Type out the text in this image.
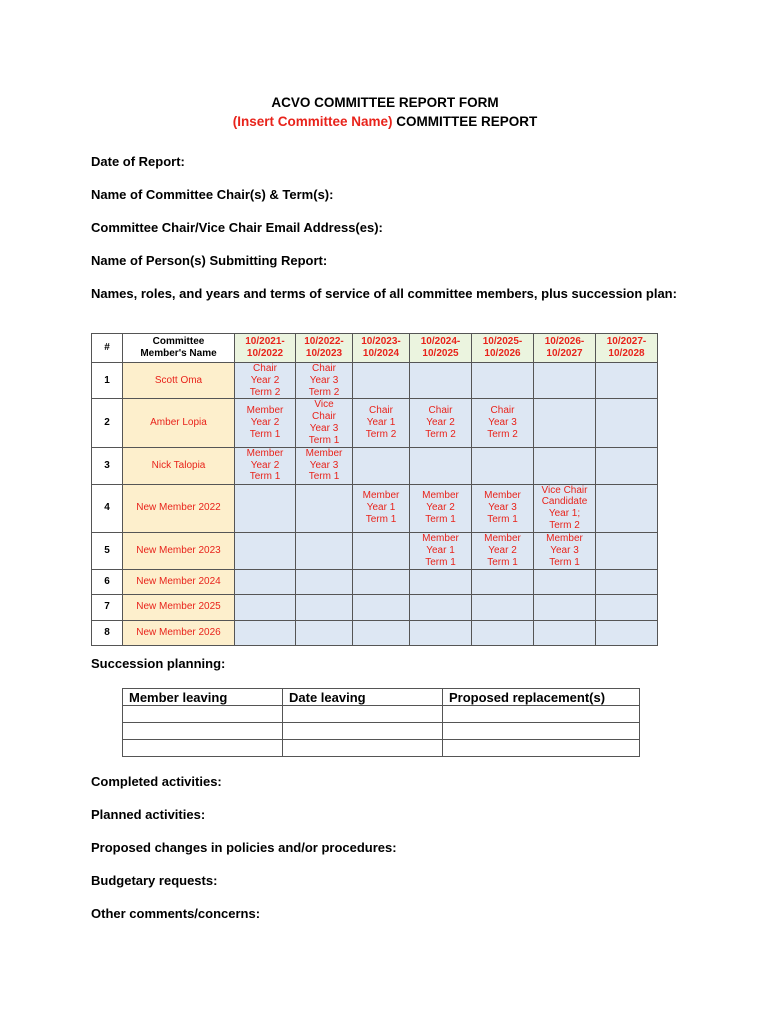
ACVO COMMITTEE REPORT FORM
(Insert Committee Name) COMMITTEE REPORT
Date of Report:
Name of Committee Chair(s) & Term(s):
Committee Chair/Vice Chair Email Address(es):
Name of Person(s) Submitting Report:
Names, roles, and years and terms of service of all committee members, plus succession plan:
#	Committee Member's Name	10/2021-10/2022	10/2022-10/2023	10/2023-10/2024	10/2024-10/2025	10/2025-10/2026	10/2026-10/2027	10/2027-10/2028
1	Scott Oma	Chair Year 2 Term 2	Chair Year 3 Term 2					
2	Amber Lopia	Member Year 2 Term 1	Vice Chair Year 3 Term 1	Chair Year 1 Term 2	Chair Year 2 Term 2	Chair Year 3 Term 2		
3	Nick Talopia	Member Year 2 Term 1	Member Year 3 Term 1					
4	New Member 2022			Member Year 1 Term 1	Member Year 2 Term 1	Member Year 3 Term 1	Vice Chair Candidate Year 1; Term 2	
5	New Member 2023				Member Year 1 Term 1	Member Year 2 Term 1	Member Year 3 Term 1	
6	New Member 2024							
7	New Member 2025							
8	New Member 2026							
Succession planning:
Member leaving	Date leaving	Proposed replacement(s)

Completed activities:
Planned activities:
Proposed changes in policies and/or procedures:
Budgetary requests:
Other comments/concerns:
